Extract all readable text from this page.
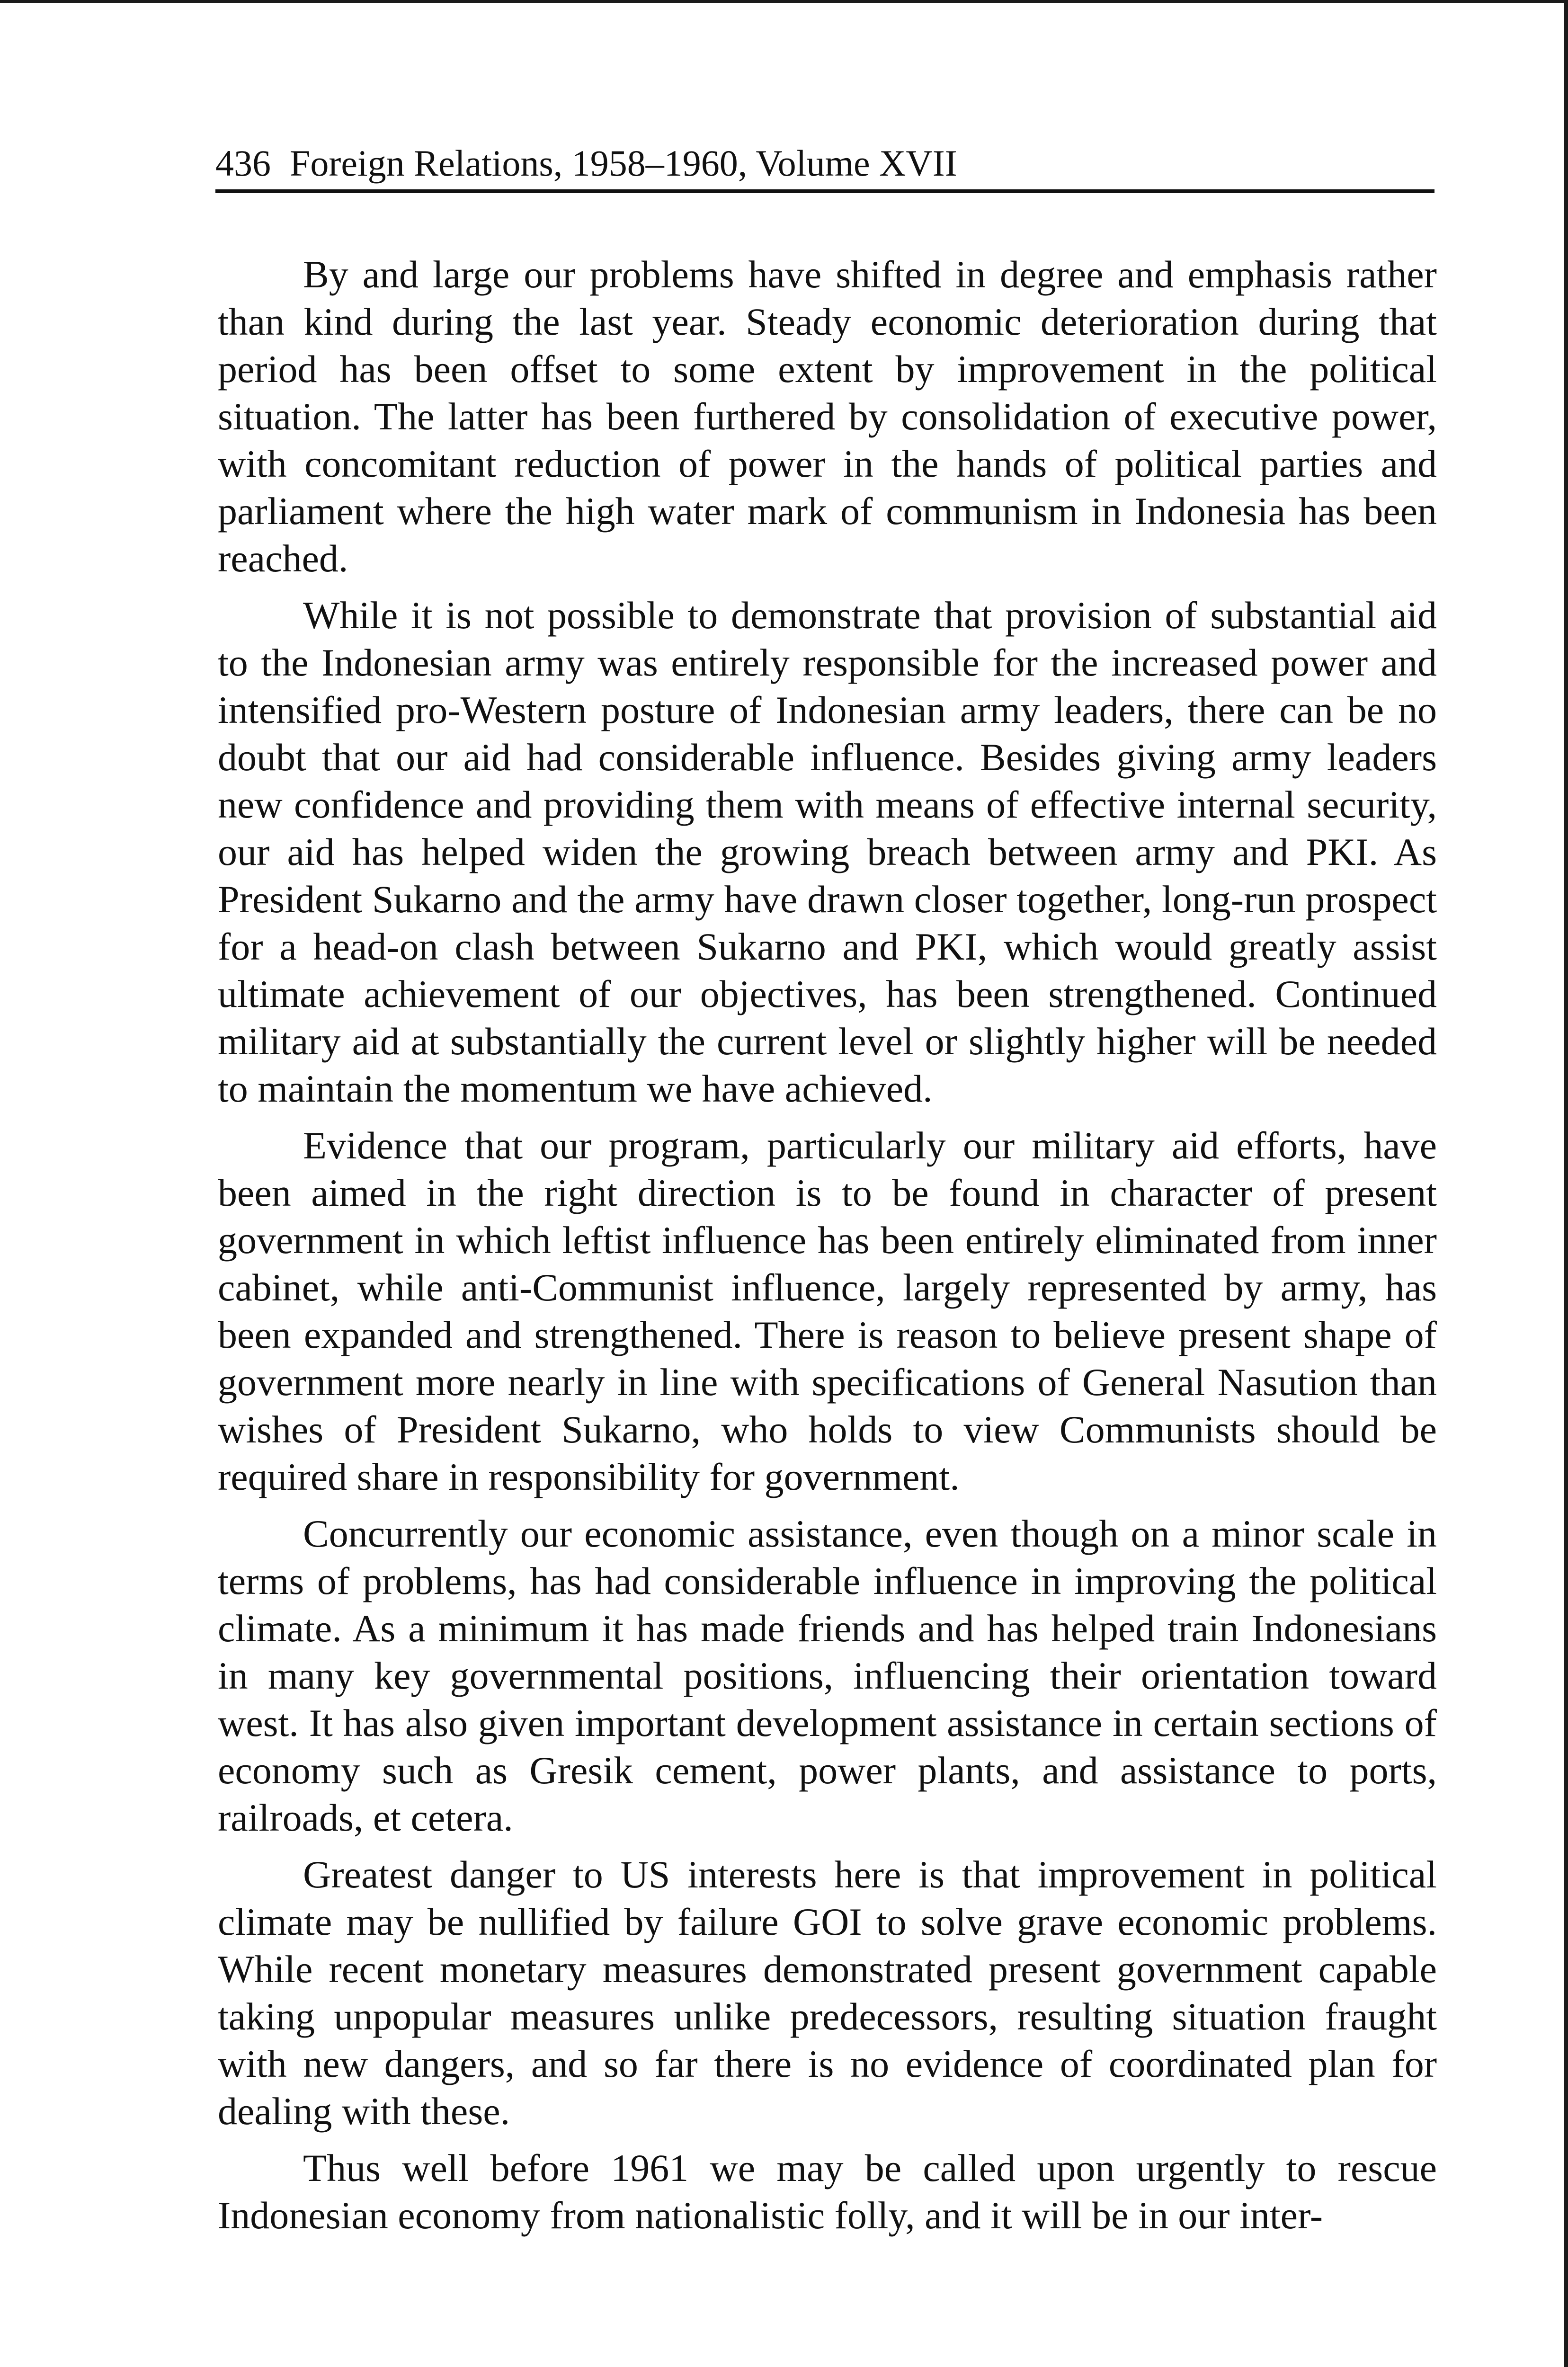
436 Foreign Relations, 1958–1960, Volume XVII

By and large our problems have shifted in degree and emphasis rather than kind during the last year. Steady economic deterioration during that period has been offset to some extent by improvement in the political situation. The latter has been furthered by consolidation of executive power, with concomitant reduction of power in the hands of political parties and parliament where the high water mark of communism in Indonesia has been reached.

While it is not possible to demonstrate that provision of substantial aid to the Indonesian army was entirely responsible for the increased power and intensified pro-Western posture of Indonesian army leaders, there can be no doubt that our aid had considerable influence. Besides giving army leaders new confidence and providing them with means of effective internal security, our aid has helped widen the growing breach between army and PKI. As President Sukarno and the army have drawn closer together, long-run prospect for a head-on clash between Sukarno and PKI, which would greatly assist ultimate achievement of our objectives, has been strengthened. Continued military aid at substantially the current level or slightly higher will be needed to maintain the momentum we have achieved.

Evidence that our program, particularly our military aid efforts, have been aimed in the right direction is to be found in character of present government in which leftist influence has been entirely eliminated from inner cabinet, while anti-Communist influence, largely represented by army, has been expanded and strengthened. There is reason to believe present shape of government more nearly in line with specifications of General Nasution than wishes of President Sukarno, who holds to view Communists should be required share in responsibility for government.

Concurrently our economic assistance, even though on a minor scale in terms of problems, has had considerable influence in improving the political climate. As a minimum it has made friends and has helped train Indonesians in many key governmental positions, influencing their orientation toward west. It has also given important development assistance in certain sections of economy such as Gresik cement, power plants, and assistance to ports, railroads, et cetera.

Greatest danger to US interests here is that improvement in political climate may be nullified by failure GOI to solve grave economic problems. While recent monetary measures demonstrated present government capable taking unpopular measures unlike predecessors, resulting situation fraught with new dangers, and so far there is no evidence of coordinated plan for dealing with these.

Thus well before 1961 we may be called upon urgently to rescue Indonesian economy from nationalistic folly, and it will be in our inter-
